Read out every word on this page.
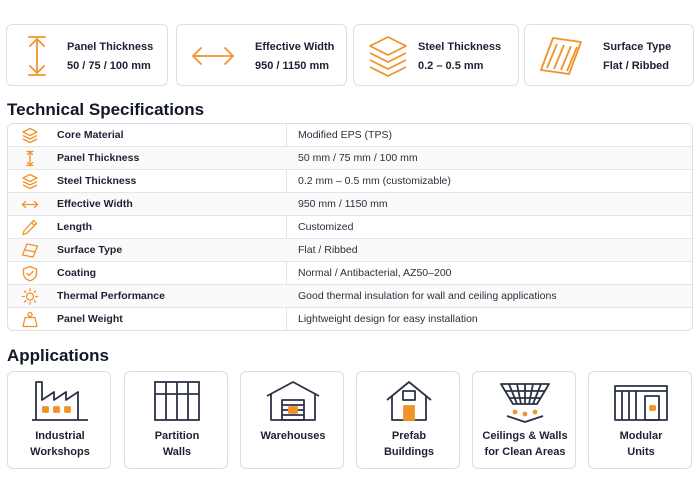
Panel Thickness
50 / 75 / 100 mm
Effective Width
950 / 1150 mm
Steel Thickness
0.2 – 0.5 mm
Surface Type
Flat / Ribbed
Technical Specifications
Core Material	Modified EPS (TPS)
Panel Thickness	50 mm / 75 mm / 100 mm
Steel Thickness	0.2 mm – 0.5 mm (customizable)
Effective Width	950 mm / 1150 mm
Length	Customized
Surface Type	Flat / Ribbed
Coating	Normal / Antibacterial, AZ50–200
Thermal Performance	Good thermal insulation for wall and ceiling applications
Panel Weight	Lightweight design for easy installation
Applications
Industrial
Workshops
Partition
Walls
Warehouses	Prefab
Buildings
Ceilings & Walls
for Clean Areas
Modular
Units
